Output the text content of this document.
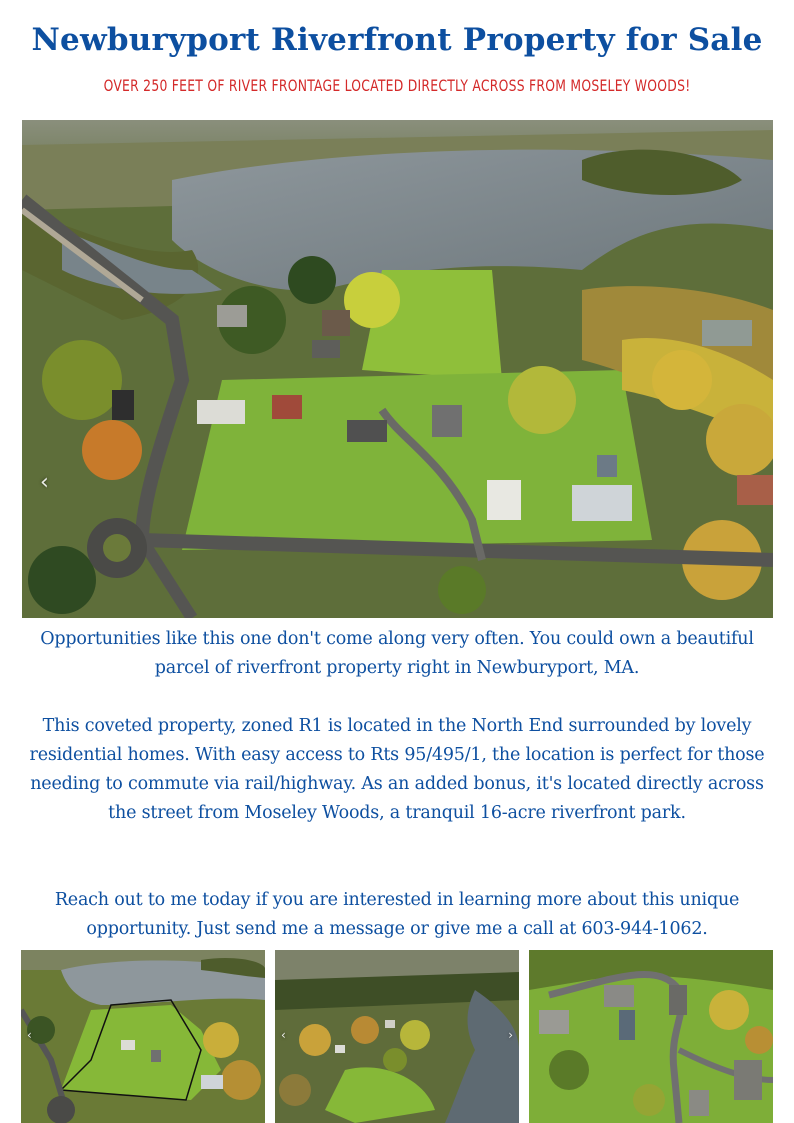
Newburyport Riverfront Property for Sale
OVER 250 FEET OF RIVER FRONTAGE LOCATED DIRECTLY ACROSS FROM MOSELEY WOODS!
‹
Opportunities like this one don't come along very often. You could own a beautiful parcel of riverfront property right in Newburyport, MA.
This coveted property, zoned R1 is located in the North End surrounded by lovely residential homes. With easy access to Rts 95/495/1, the location is perfect for those needing to commute via rail/highway. As an added bonus, it's located directly across the street from Moseley Woods, a tranquil 16-acre riverfront park.
Reach out to me today if you are interested in learning more about this unique opportunity. Just send me a message or give me a call at 603-944-1062.
‹	‹	›
